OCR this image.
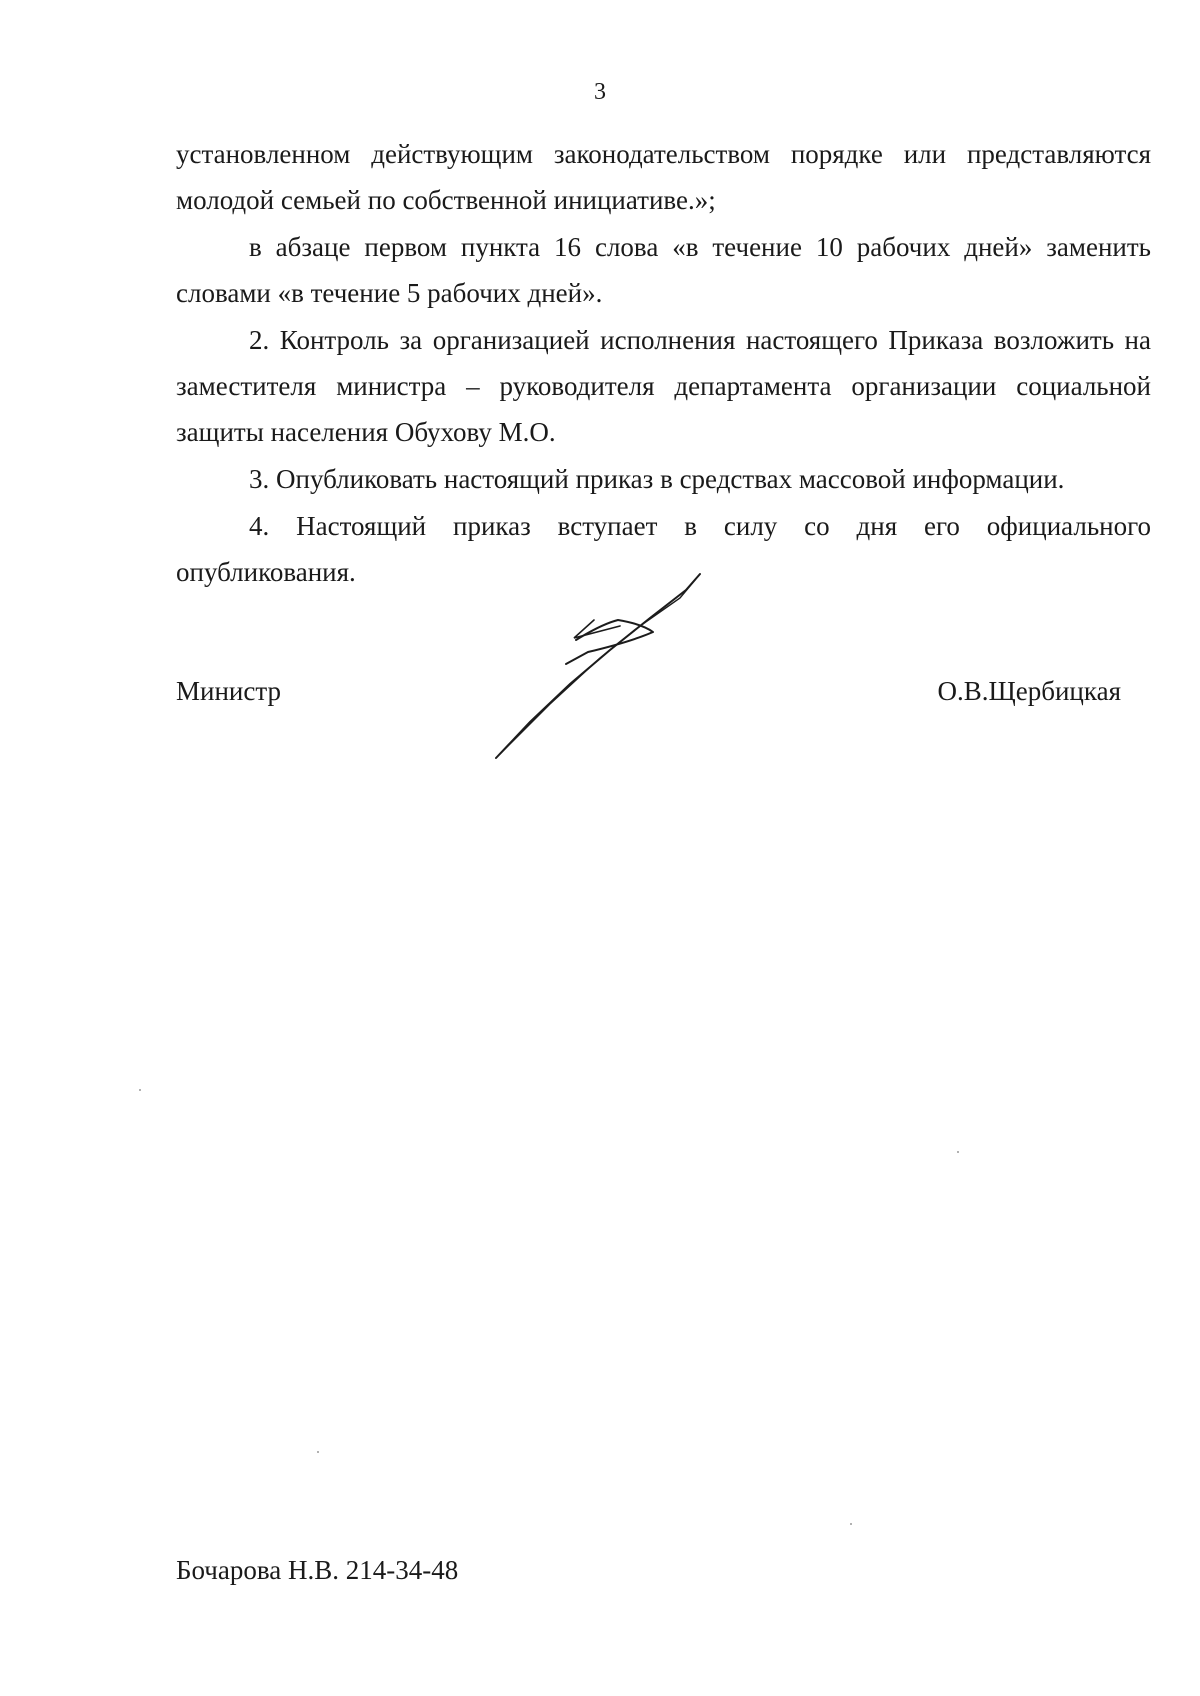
3

установленном действующим законодательством порядке или представляются молодой семьей по собственной инициативе.»;

в абзаце первом пункта 16 слова «в течение 10 рабочих дней» заменить словами «в течение 5 рабочих дней».

2. Контроль за организацией исполнения настоящего Приказа возложить на заместителя министра – руководителя департамента организации социальной защиты населения Обухову М.О.

3. Опубликовать настоящий приказ в средствах массовой информации.

4. Настоящий приказ вступает в силу со дня его официального опубликования.

Министр	О.В.Щербицкая
Бочарова Н.В. 214-34-48
